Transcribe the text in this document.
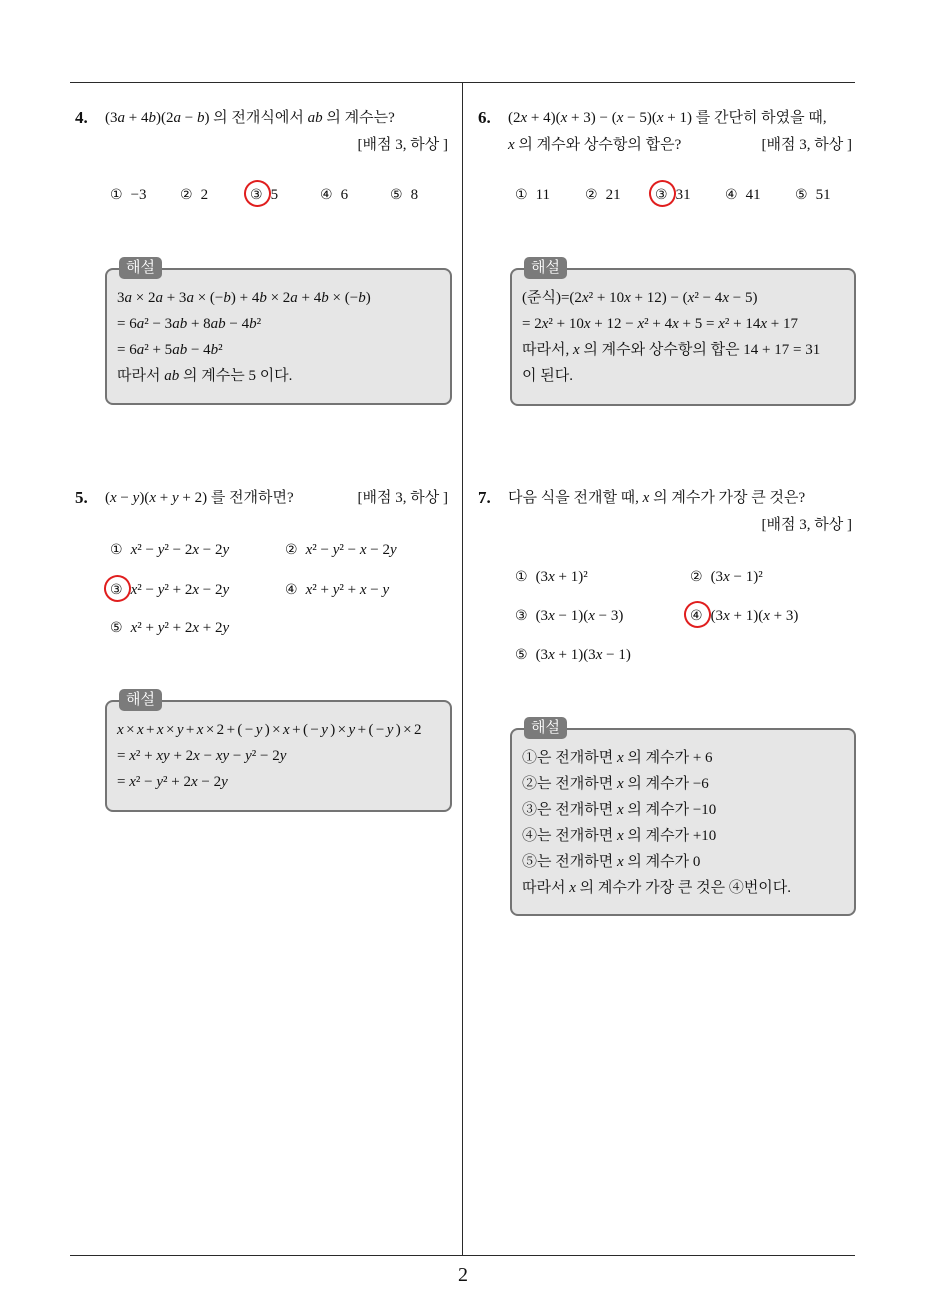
2
4. (3a + 4b)(2a − b) 의 전개식에서 ab 의 계수는?
[배점 3, 하상 ]
① −3 ② 2	③ 5	④ 6	⑤ 8
해설
3a × 2a + 3a × (−b) + 4b × 2a + 4b × (−b)
= 6a² − 3ab + 8ab − 4b²
= 6a² + 5ab − 4b²
따라서 ab 의 계수는 5 이다.
5. (x − y)(x + y + 2) 를 전개하면?	[배점 3, 하상 ]
① x² − y² − 2x − 2y	② x² − y² − x − 2y
③ x² − y² + 2x − 2y	④ x² + y² + x − y
⑤ x² + y² + 2x + 2y
해설
x×x+x×y+x×2+(−y)×x+(−y)×y+(−y)×2
= x² + xy + 2x − xy − y² − 2y
= x² − y² + 2x − 2y
6. (2x + 4)(x + 3) − (x − 5)(x + 1) 를 간단히 하였을 때,
x 의 계수와 상수항의 합은?	[배점 3, 하상 ]
① 11 ② 21 ③ 31 ④ 41 ⑤ 51
해설
(준식)=(2x² + 10x + 12) − (x² − 4x − 5)
= 2x² + 10x + 12 − x² + 4x + 5 = x² + 14x + 17
따라서, x 의 계수와 상수항의 합은 14 + 17 = 31
이 된다.
7. 다음 식을 전개할 때, x 의 계수가 가장 큰 것은?
[배점 3, 하상 ]
① (3x + 1)²	② (3x − 1)²
③ (3x − 1)(x − 3)	④ (3x + 1)(x + 3)
⑤ (3x + 1)(3x − 1)
해설
①은 전개하면 x 의 계수가 + 6
②는 전개하면 x 의 계수가 −6
③은 전개하면 x 의 계수가 −10
④는 전개하면 x 의 계수가 +10
⑤는 전개하면 x 의 계수가 0
따라서 x 의 계수가 가장 큰 것은 ④번이다.
